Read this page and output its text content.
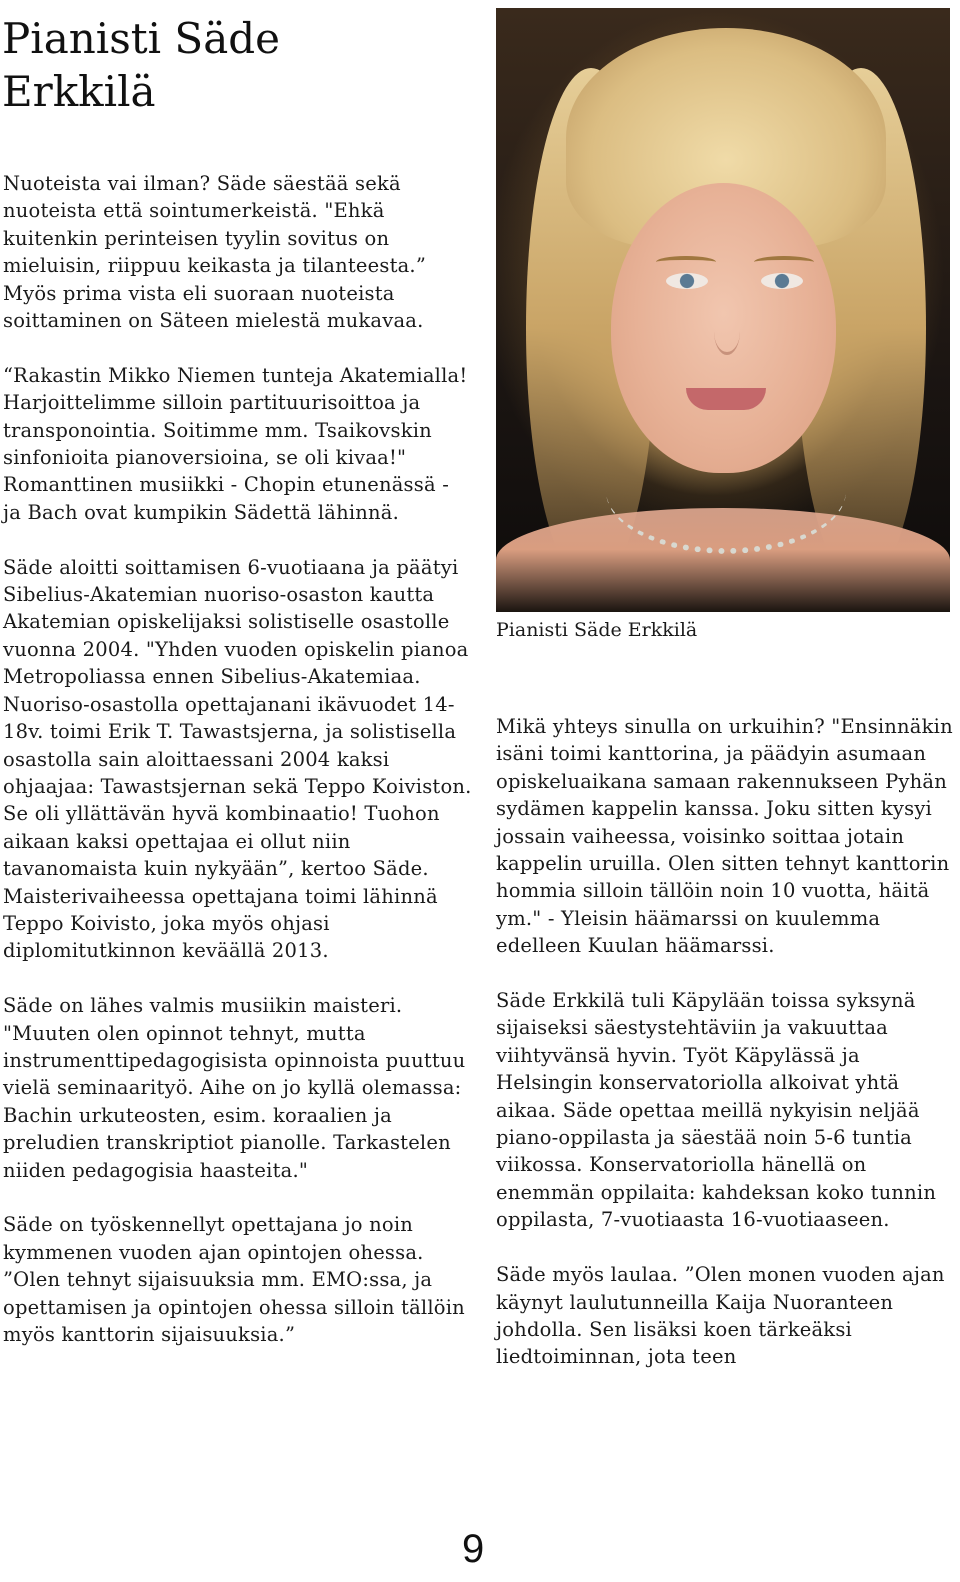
Pianisti Säde
Erkkilä

Nuoteista vai ilman? Säde säestää sekä nuoteista että sointumerkeistä. "Ehkä kuitenkin perinteisen tyylin sovitus on mieluisin, riippuu keikasta ja tilanteesta.” Myös prima vista eli suoraan nuoteista soittaminen on Säteen mielestä mukavaa.

“Rakastin Mikko Niemen tunteja Akatemialla! Harjoittelimme silloin partituurisoittoa ja transponointia. Soitimme mm. Tsaikovskin sinfonioita pianoversioina, se oli kivaa!" Romanttinen musiikki - Chopin etunenässä - ja Bach ovat kumpikin Sädettä lähinnä.

Säde aloitti soittamisen 6-vuotiaana ja päätyi Sibelius-Akatemian nuoriso-osaston kautta Akatemian opiskelijaksi solistiselle osastolle vuonna 2004. "Yhden vuoden opiskelin pianoa Metropoliassa ennen Sibelius-Akatemiaa. Nuoriso-osastolla opettajanani ikävuodet 14-18v. toimi Erik T. Tawastsjerna, ja solistisella osastolla sain aloittaessani 2004 kaksi ohjaajaa: Tawastsjernan sekä Teppo Koiviston. Se oli yllättävän hyvä kombinaatio! Tuohon aikaan kaksi opettajaa ei ollut niin tavanomaista kuin nykyään”, kertoo Säde. Maisterivaiheessa opettajana toimi lähinnä Teppo Koivisto, joka myös ohjasi diplomitutkinnon keväällä 2013.

Säde on lähes valmis musiikin maisteri. "Muuten olen opinnot tehnyt, mutta instrumenttipedagogisista opinnoista puuttuu vielä seminaarityö. Aihe on jo kyllä olemassa: Bachin urkuteosten, esim. koraalien ja preludien transkriptiot pianolle. Tarkastelen niiden pedagogisia haasteita."

Säde on työskennellyt opettajana jo noin kymmenen vuoden ajan opintojen ohessa. ”Olen tehnyt sijaisuuksia mm. EMO:ssa, ja opettamisen ja opintojen ohessa silloin tällöin myös kanttorin sijaisuuksia.”

Pianisti Säde Erkkilä

Mikä yhteys sinulla on urkuihin? "Ensinnäkin isäni toimi kanttorina, ja päädyin asumaan opiskeluaikana samaan rakennukseen Pyhän sydämen kappelin kanssa. Joku sitten kysyi jossain vaiheessa, voisinko soittaa jotain kappelin uruilla. Olen sitten tehnyt kanttorin hommia silloin tällöin noin 10 vuotta, häitä ym." - Yleisin häämarssi on kuulemma edelleen Kuulan häämarssi.

Säde Erkkilä tuli Käpylään toissa syksynä sijaiseksi säestystehtäviin ja vakuuttaa viihtyvänsä hyvin. Työt Käpylässä ja Helsingin konservatoriolla alkoivat yhtä aikaa. Säde opettaa meillä nykyisin neljää piano-oppilasta ja säestää noin 5-6 tuntia viikossa. Konservatoriolla hänellä on enemmän oppilaita: kahdeksan koko tunnin oppilasta, 7-vuotiaasta 16-vuotiaaseen.

Säde myös laulaa. ”Olen monen vuoden ajan käynyt laulutunneilla Kaija Nuoranteen johdolla. Sen lisäksi koen tärkeäksi liedtoiminnan, jota teen

9
